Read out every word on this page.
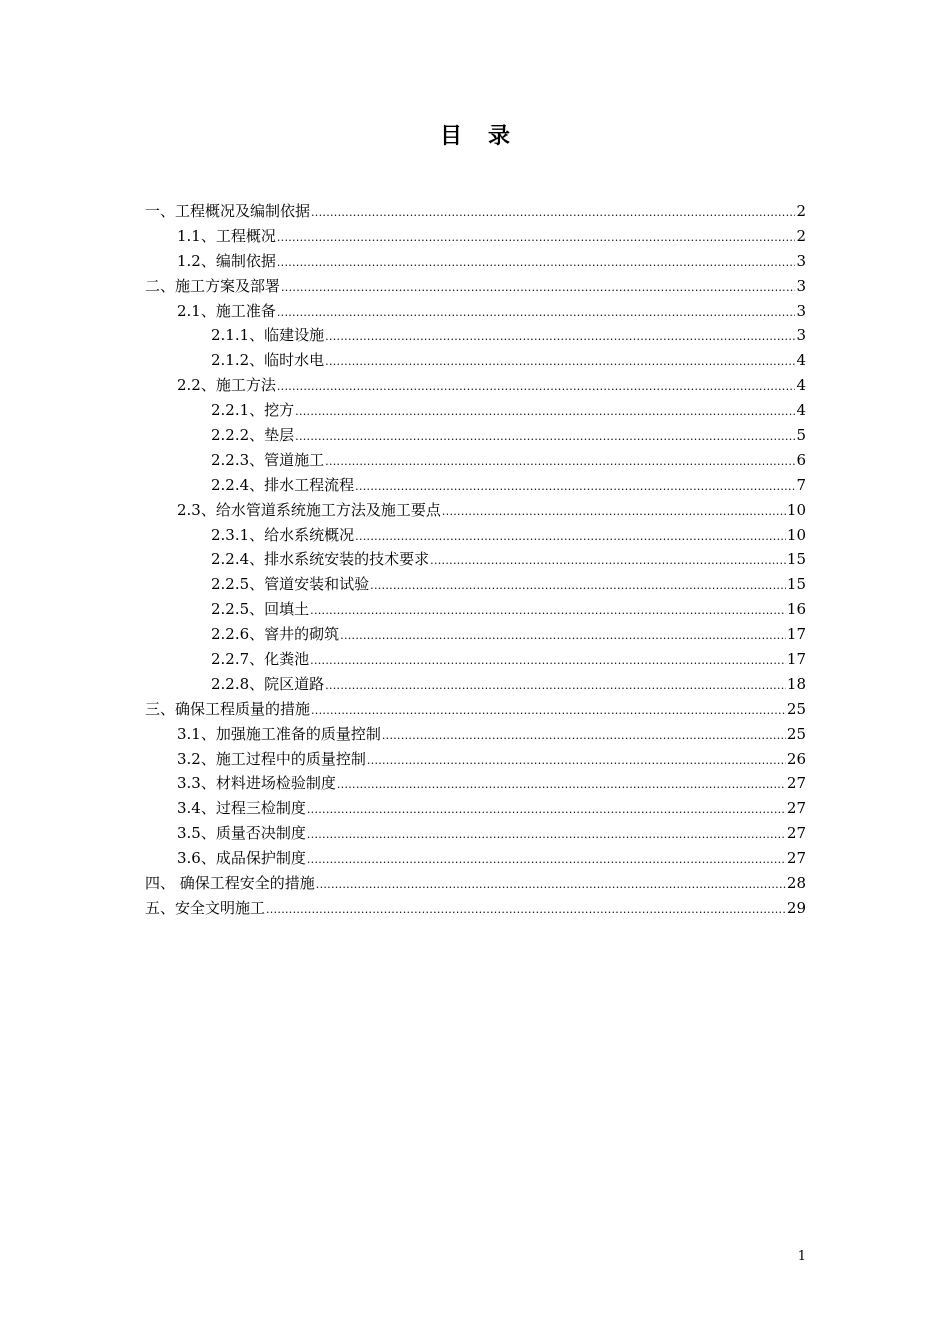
目 录
一、工程概况及编制依据 .....	2
1.1、工程概况 .....	2
1.2、编制依据 .....	3
二、施工方案及部署 .....	3
2.1、施工准备 .....	3
2.1.1、临建设施 .....	3
2.1.2、临时水电 .....	4
2.2、施工方法 .....	4
2.2.1、挖方 .....	4
2.2.2、垫层 .....	5
2.2.3、管道施工 .....	6
2.2.4、排水工程流程 .....	7
2.3、给水管道系统施工方法及施工要点 .....	10
2.3.1、给水系统概况 .....	10
2.2.4、排水系统安装的技术要求 .....	15
2.2.5、管道安装和试验 .....	15
2.2.5、回填土 .....	16
2.2.6、窨井的砌筑 .....	17
2.2.7、化粪池 .....	17
2.2.8、院区道路 .....	18
三、确保工程质量的措施 .....	25
3.1、加强施工准备的质量控制 .....	25
3.2、施工过程中的质量控制 .....	26
3.3、材料进场检验制度 .....	27
3.4、过程三检制度 .....	27
3.5、质量否决制度 .....	27
3.6、成品保护制度 .....	27
四、 确保工程安全的措施 .....	28
五、安全文明施工 .....	29
1
